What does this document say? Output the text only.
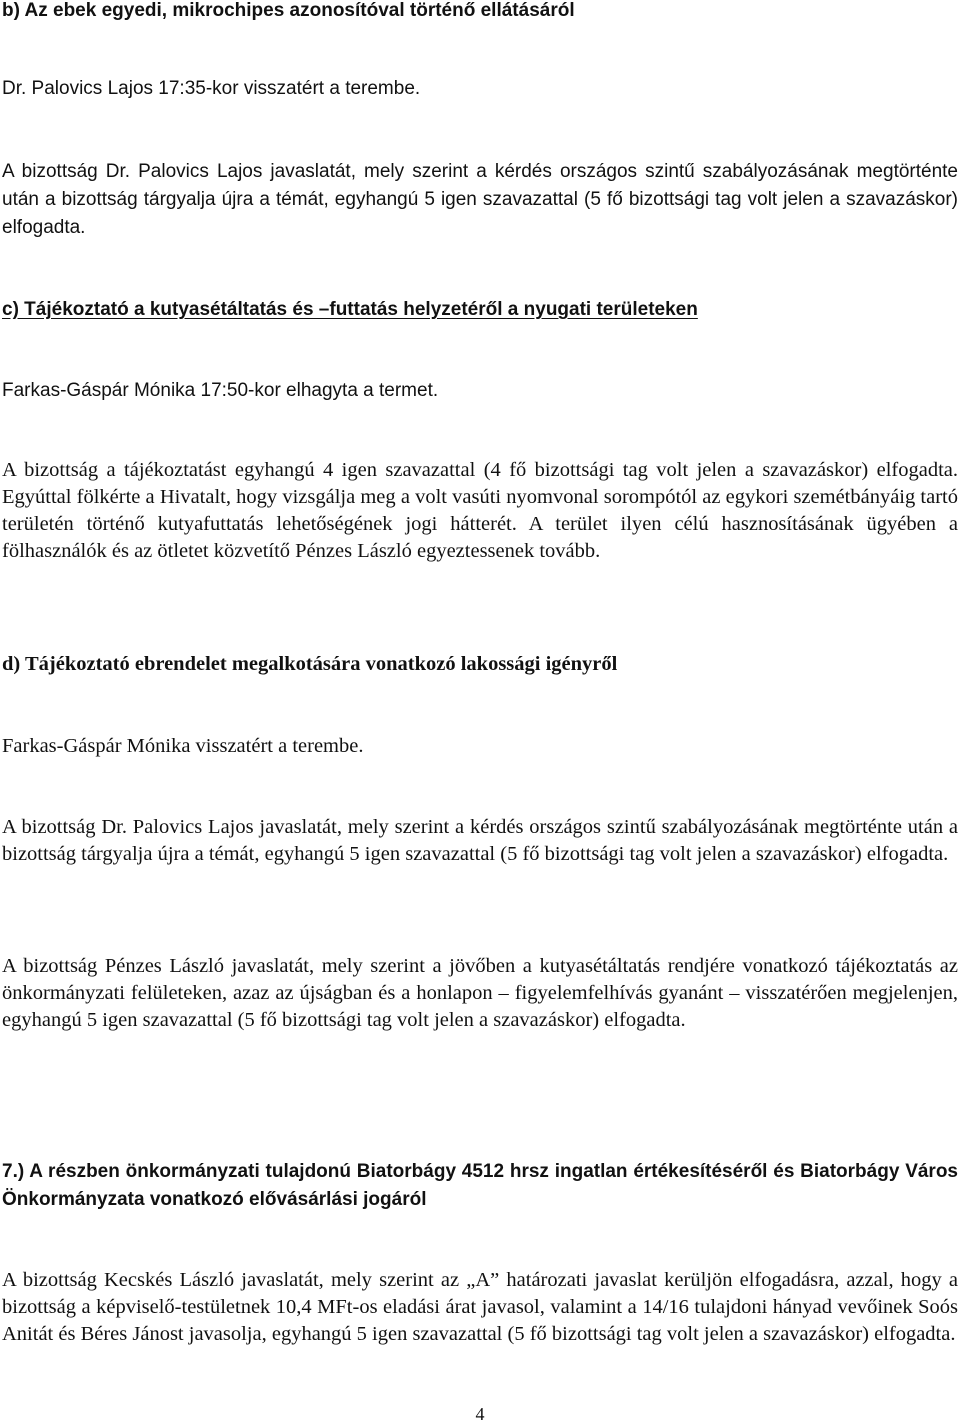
b) Az ebek egyedi, mikrochipes azonosítóval történő ellátásáról

Dr. Palovics Lajos 17:35-kor visszatért a terembe.

A bizottság Dr. Palovics Lajos javaslatát, mely szerint a kérdés országos szintű szabályozásának megtörténte után a bizottság tárgyalja újra a témát, egyhangú 5 igen szavazattal (5 fő bizottsági tag volt jelen a szavazáskor) elfogadta.

c) Tájékoztató a kutyasétáltatás és –futtatás helyzetéről a nyugati területeken

Farkas-Gáspár Mónika 17:50-kor elhagyta a termet.

A bizottság a tájékoztatást egyhangú 4 igen szavazattal (4 fő bizottsági tag volt jelen a szavazáskor) elfogadta. Egyúttal fölkérte a Hivatalt, hogy vizsgálja meg a volt vasúti nyomvonal sorompótól az egykori szemétbányáig tartó területén történő kutyafuttatás lehetőségének jogi hátterét. A terület ilyen célú hasznosításának ügyében a fölhasználók és az ötletet közvetítő Pénzes László egyeztessenek tovább.

d) Tájékoztató ebrendelet megalkotására vonatkozó lakossági igényről

Farkas-Gáspár Mónika visszatért a terembe.

A bizottság Dr. Palovics Lajos javaslatát, mely szerint a kérdés országos szintű szabályozásának megtörténte után a bizottság tárgyalja újra a témát, egyhangú 5 igen szavazattal (5 fő bizottsági tag volt jelen a szavazáskor) elfogadta.

A bizottság Pénzes László javaslatát, mely szerint a jövőben a kutyasétáltatás rendjére vonatkozó tájékoztatás az önkormányzati felületeken, azaz az újságban és a honlapon – figyelemfelhívás gyanánt – visszatérően megjelenjen, egyhangú 5 igen szavazattal (5 fő bizottsági tag volt jelen a szavazáskor) elfogadta.

7.) A részben önkormányzati tulajdonú Biatorbágy 4512 hrsz ingatlan értékesítéséről és Biatorbágy Város Önkormányzata vonatkozó elővásárlási jogáról

A bizottság Kecskés László javaslatát, mely szerint az „A” határozati javaslat kerüljön elfogadásra, azzal, hogy a bizottság a képviselő-testületnek 10,4 MFt-os eladási árat javasol, valamint a 14/16 tulajdoni hányad vevőinek Soós Anitát és Béres Jánost javasolja, egyhangú 5 igen szavazattal (5 fő bizottsági tag volt jelen a szavazáskor) elfogadta.

4
